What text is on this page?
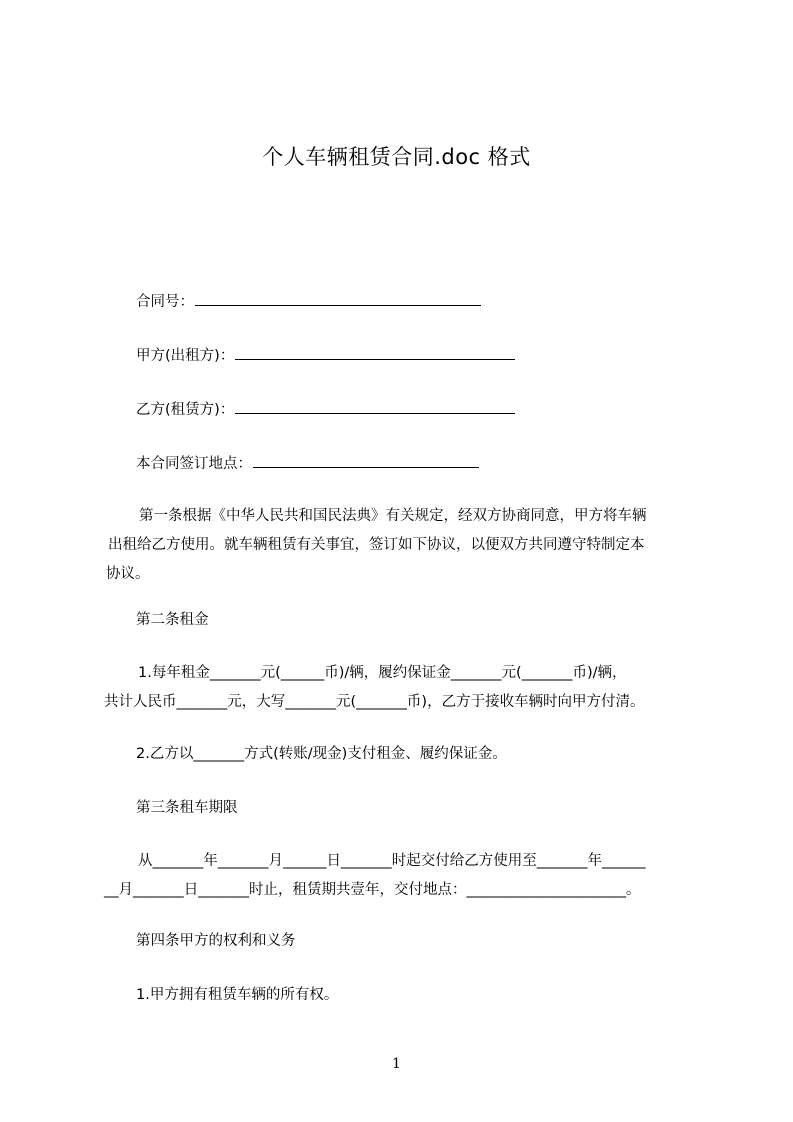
个人车辆租赁合同.doc 格式
合同号：
甲方(出租方)：
乙方(租赁方)：
本合同签订地点：
第一条根据《中华人民共和国民法典》有关规定，经双方协商同意，甲方将车辆
出租给乙方使用。就车辆租赁有关事宜，签订如下协议，以便双方共同遵守特制定本
协议。
第二条租金
1.每年租金_______元(______币)/辆，履约保证金_______元(_______币)/辆，
共计人民币_______元，大写_______元(_______币)，乙方于接收车辆时向甲方付清。
2.乙方以_______方式(转账/现金)支付租金、履约保证金。
第三条租车期限
从_______年_______月______日_______时起交付给乙方使用至_______年______
__月_______日_______时止，租赁期共壹年，交付地点：______________________。
第四条甲方的权利和义务
1.甲方拥有租赁车辆的所有权。
1
